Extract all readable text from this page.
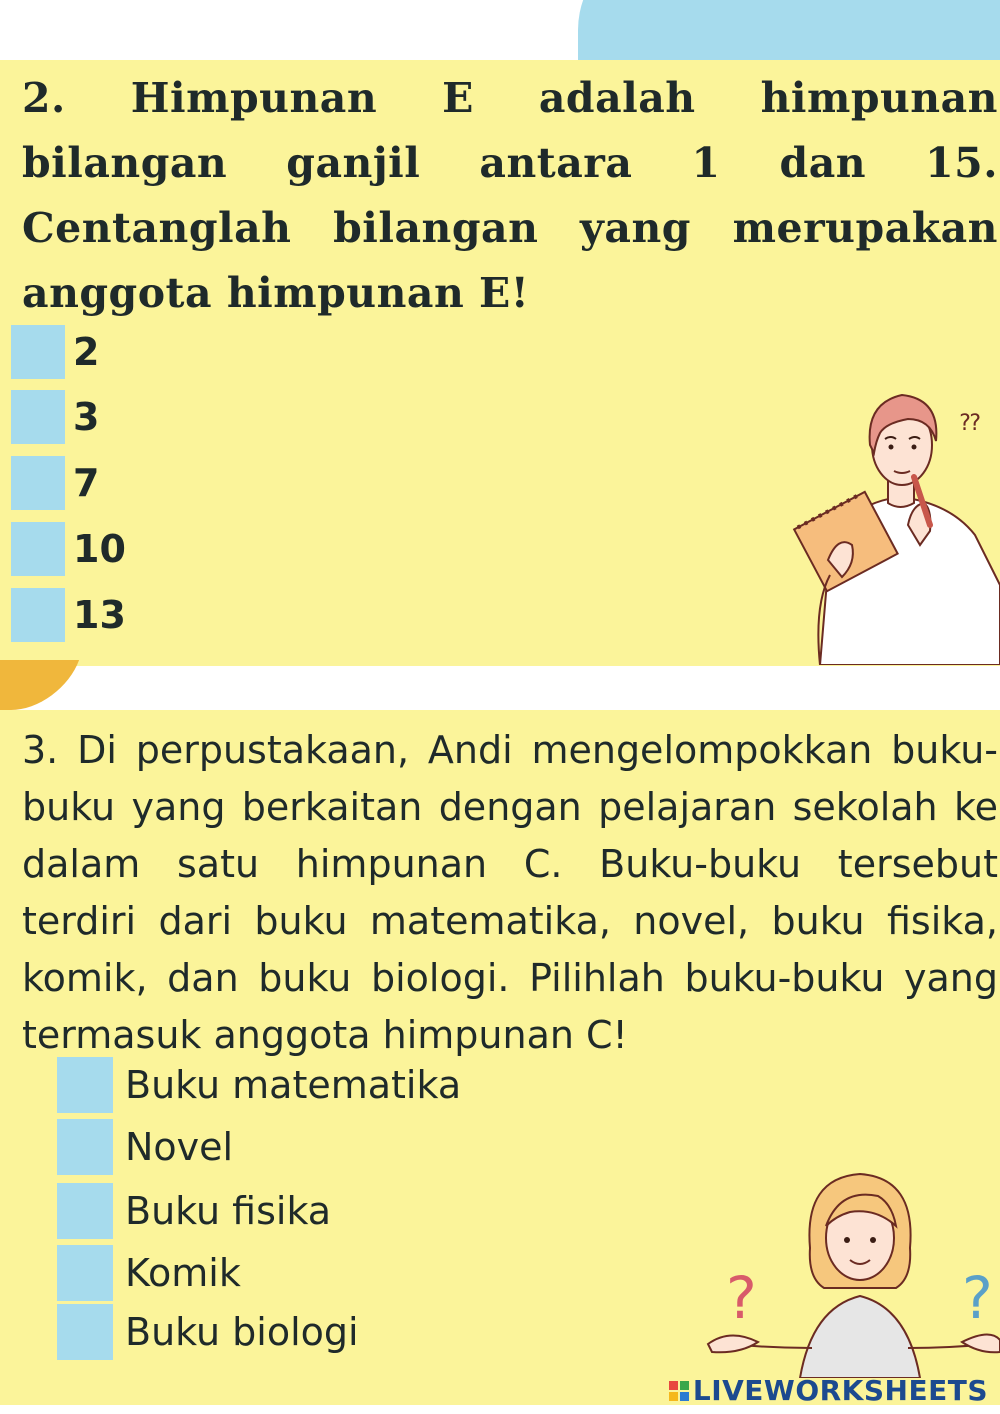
2. Himpunan E adalah himpunan bilangan ganjil antara 1 dan 15. Centanglah bilangan yang merupakan anggota himpunan E!
2
3
7
10
13
⁇
3. Di perpustakaan, Andi mengelompokkan buku-buku yang berkaitan dengan pelajaran sekolah ke dalam satu himpunan C. Buku-buku tersebut terdiri dari buku matematika, novel, buku fisika, komik, dan buku biologi. Pilihlah buku-buku yang termasuk anggota himpunan C!
Buku matematika
Novel
Buku fisika
Komik
Buku biologi	?	?
LIVEWORKSHEETS
